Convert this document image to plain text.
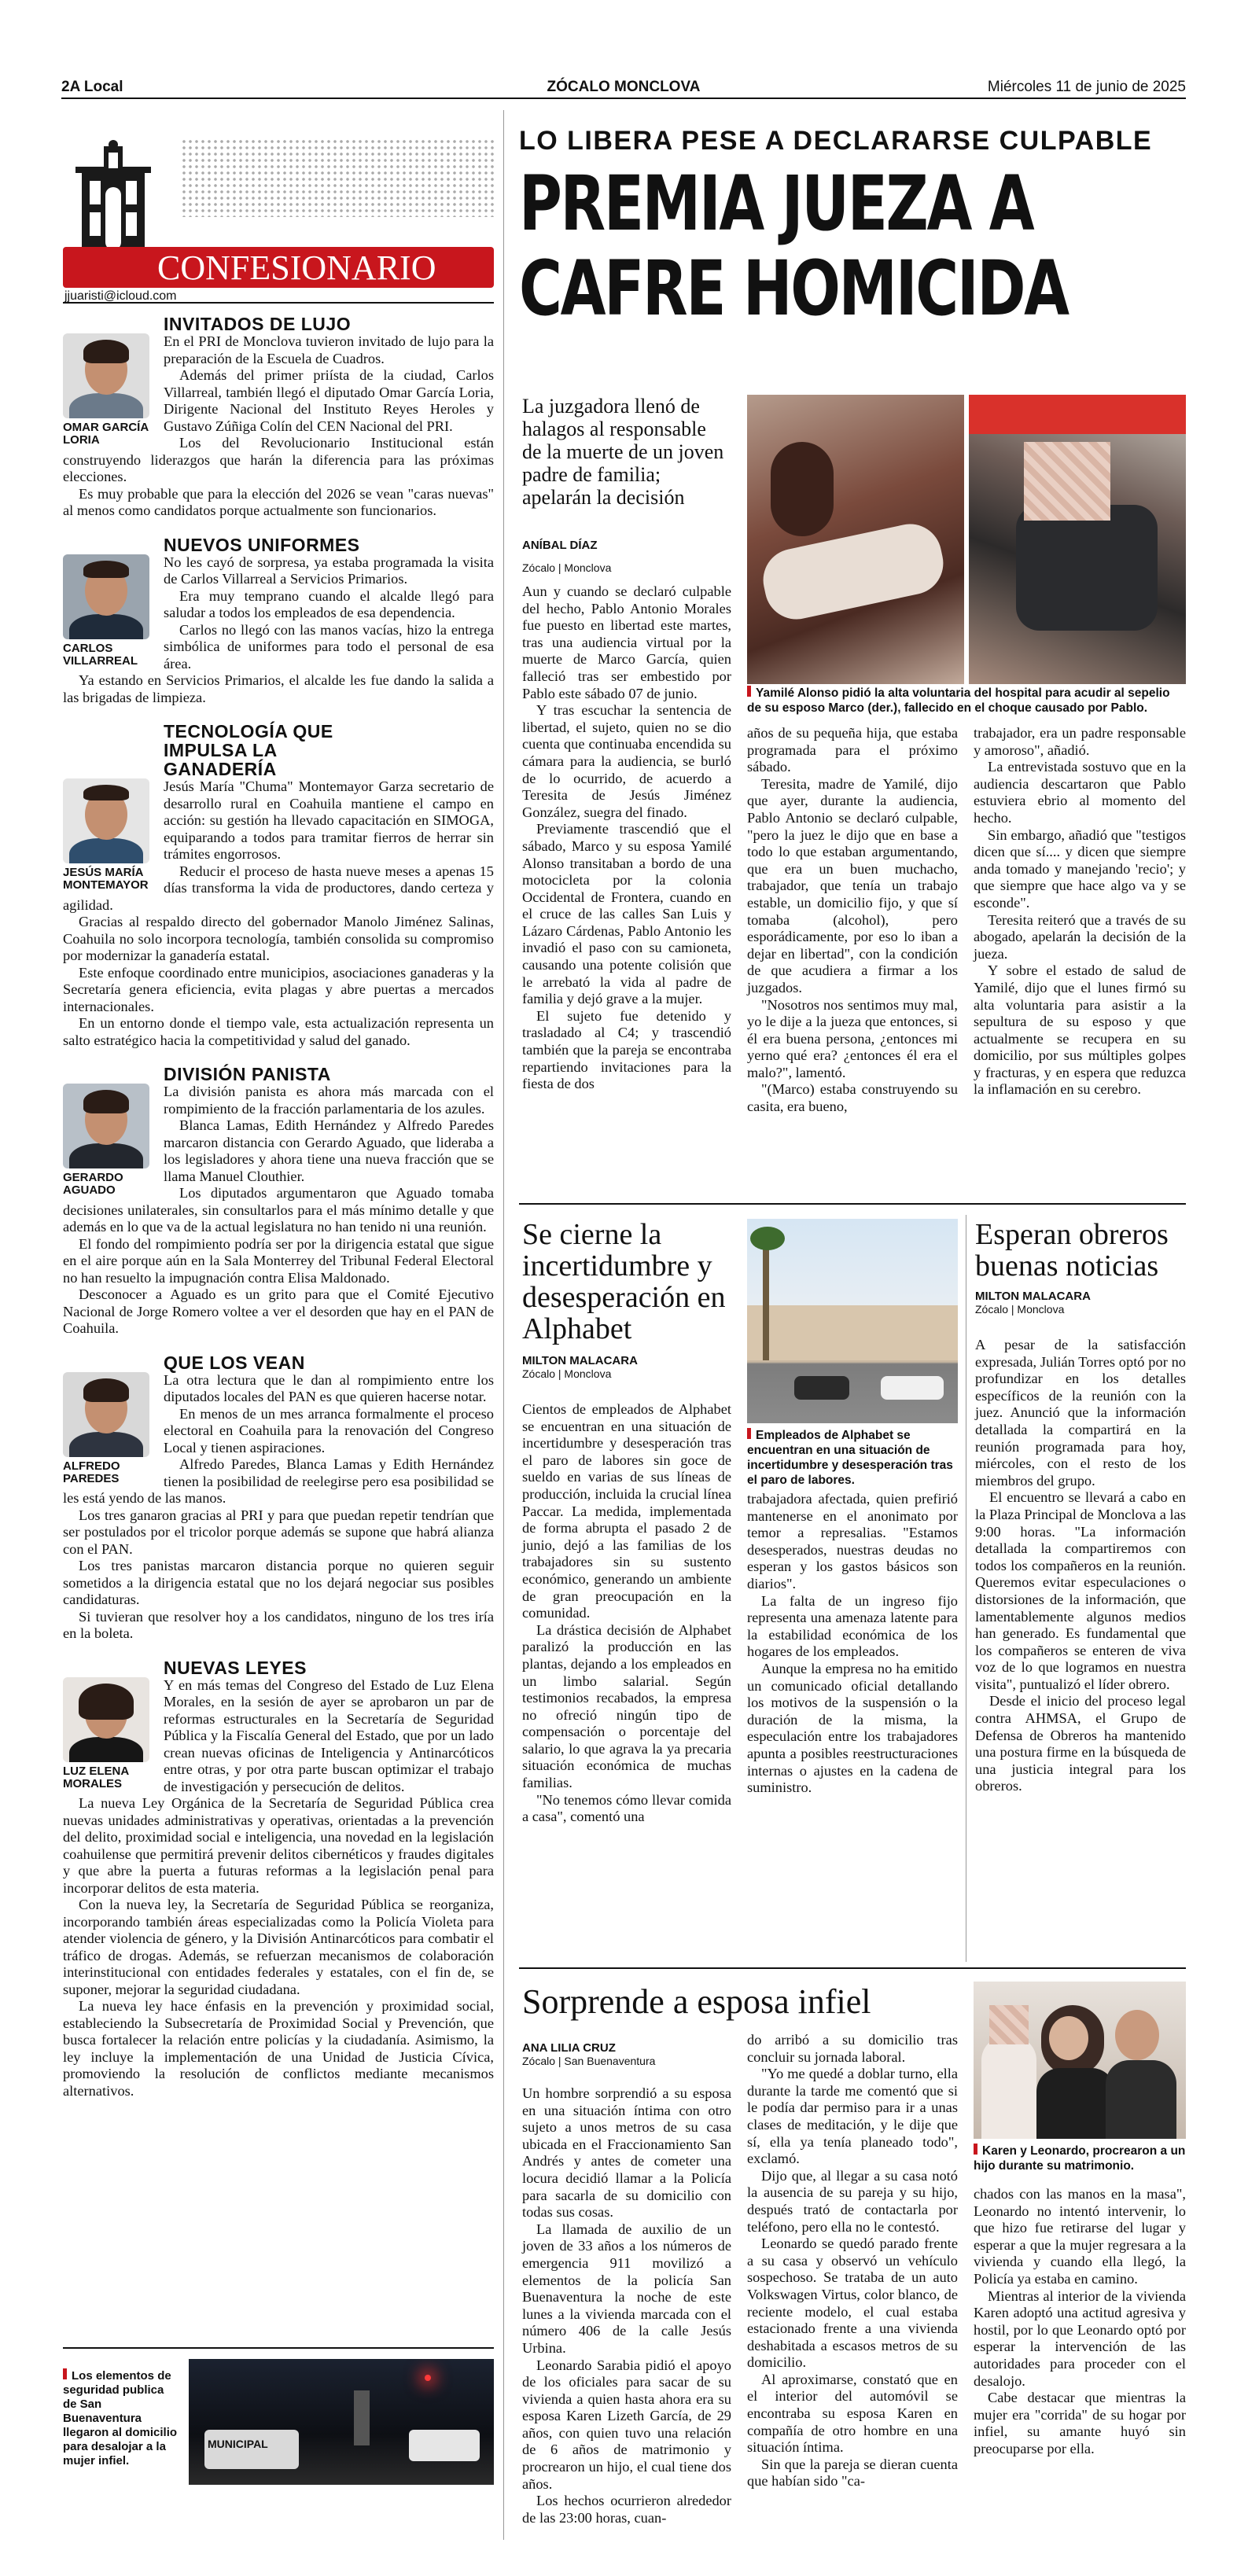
2A Local	ZÓCALO MONCLOVA	Miércoles 11 de junio de 2025
CONFESIONARIO
jjuaristi@icloud.com
INVITADOS DE LUJO
OMAR GARCÍA LORIA

En el PRI de Monclova tuvieron invitado de lujo para la preparación de la Escuela de Cuadros.

Además del primer priísta de la ciudad, Carlos Villarreal, también llegó el diputado Omar García Loria, Dirigente Nacional del Instituto Reyes Heroles y Gustavo Zúñiga Colín del CEN Nacional del PRI.

Los del Revolucionario Institucional están construyendo liderazgos que harán la diferencia para las próximas elecciones.

Es muy probable que para la elección del 2026 se vean "caras nuevas" al menos como candidatos porque actualmente son funcionarios.

NUEVOS UNIFORMES
CARLOS VILLARREAL

No les cayó de sorpresa, ya estaba programada la visita de Carlos Villarreal a Servicios Primarios.

Era muy temprano cuando el alcalde llegó para saludar a todos los empleados de esa dependencia.

Carlos no llegó con las manos vacías, hizo la entrega simbólica de uniformes para todo el personal de esa área.

Ya estando en Servicios Primarios, el alcalde les fue dando la salida a las brigadas de limpieza.

TECNOLOGÍA QUE IMPULSA LA GANADERÍA
JESÚS MARÍA MONTEMAYOR

Jesús María "Chuma" Montemayor Garza secretario de desarrollo rural en Coahuila mantiene el campo en acción: su gestión ha llevado capacitación en SIMOGA, equiparando a todos para tramitar fierros de herrar sin trámites engorrosos.

Reducir el proceso de hasta nueve meses a apenas 15 días transforma la vida de productores, dando certeza y agilidad.

Gracias al respaldo directo del gobernador Manolo Jiménez Salinas, Coahuila no solo incorpora tecnología, también consolida su compromiso por modernizar la ganadería estatal.

Este enfoque coordinado entre municipios, asociaciones ganaderas y la Secretaría genera eficiencia, evita plagas y abre puertas a mercados internacionales.

En un entorno donde el tiempo vale, esta actualización representa un salto estratégico hacia la competitividad y salud del ganado.

DIVISIÓN PANISTA
GERARDO AGUADO

La división panista es ahora más marcada con el rompimiento de la fracción parlamentaria de los azules.

Blanca Lamas, Edith Hernández y Alfredo Paredes marcaron distancia con Gerardo Aguado, que lideraba a los legisladores y ahora tiene una nueva fracción que se llama Manuel Clouthier.

Los diputados argumentaron que Aguado tomaba decisiones unilaterales, sin consultarlos para el más mínimo detalle y que además en lo que va de la actual legislatura no han tenido ni una reunión.

El fondo del rompimiento podría ser por la dirigencia estatal que sigue en el aire porque aún en la Sala Monterrey del Tribunal Federal Electoral no han resuelto la impugnación contra Elisa Maldonado.

Desconocer a Aguado es un grito para que el Comité Ejecutivo Nacional de Jorge Romero voltee a ver el desorden que hay en el PAN de Coahuila.

QUE LOS VEAN
ALFREDO PAREDES

La otra lectura que le dan al rompimiento entre los diputados locales del PAN es que quieren hacerse notar.

En menos de un mes arranca formalmente el proceso electoral en Coahuila para la renovación del Congreso Local y tienen aspiraciones.

Alfredo Paredes, Blanca Lamas y Edith Hernández tienen la posibilidad de reelegirse pero esa posibilidad se les está yendo de las manos.

Los tres ganaron gracias al PRI y para que puedan repetir tendrían que ser postulados por el tricolor porque además se supone que habrá alianza con el PAN.

Los tres panistas marcaron distancia porque no quieren seguir sometidos a la dirigencia estatal que no los dejará negociar sus posibles candidaturas.

Si tuvieran que resolver hoy a los candidatos, ninguno de los tres iría en la boleta.

NUEVAS LEYES
LUZ ELENA MORALES

Y en más temas del Congreso del Estado de Luz Elena Morales, en la sesión de ayer se aprobaron un par de reformas estructurales en la Secretaría de Seguridad Pública y la Fiscalía General del Estado, que por un lado crean nuevas oficinas de Inteligencia y Antinarcóticos entre otras, y por otra parte buscan optimizar el trabajo de investigación y persecución de delitos.

La nueva Ley Orgánica de la Secretaría de Seguridad Pública crea nuevas unidades administrativas y operativas, orientadas a la prevención del delito, proximidad social e inteligencia, una novedad en la legislación coahuilense que permitirá prevenir delitos cibernéticos y fraudes digitales y que abre la puerta a futuras reformas a la legislación penal para incorporar delitos de esta materia.

Con la nueva ley, la Secretaría de Seguridad Pública se reorganiza, incorporando también áreas especializadas como la Policía Violeta para atender violencia de género, y la División Antinarcóticos para combatir el tráfico de drogas. Además, se refuerzan mecanismos de colaboración interinstitucional con entidades federales y estatales, con el fin de, se suponer, mejorar la seguridad ciudadana.

La nueva ley hace énfasis en la prevención y proximidad social, estableciendo la Subsecretaría de Proximidad Social y Prevención, que busca fortalecer la relación entre policías y la ciudadanía. Asimismo, la ley incluye la implementación de una Unidad de Justicia Cívica, promoviendo la resolución de conflictos mediante mecanismos alternativos.

Los elementos de seguridad publica de San Buenaventura llegaron al domicilio para desalojar a la mujer infiel.
MUNICIPAL
LO LIBERA PESE A DECLARARSE CULPABLE
PREMIA JUEZA A
CAFRE HOMICIDA
La juzgadora llenó de halagos al responsable de la muerte de un joven padre de familia; apelarán la decisión
ANÍBAL DÍAZ
Zócalo | Monclova
Yamilé Alonso pidió la alta voluntaria del hospital para acudir al sepelio de su esposo Marco (der.), fallecido en el choque causado por Pablo.

Aun y cuando se declaró culpable del hecho, Pablo Antonio Morales fue puesto en libertad este martes, tras una audiencia virtual por la muerte de Marco García, quien falleció tras ser embestido por Pablo este sábado 07 de junio.

Y tras escuchar la sentencia de libertad, el sujeto, quien no se dio cuenta que continuaba encendida su cámara para la audiencia, se burló de lo ocurrido, de acuerdo a Teresita de Jesús Jiménez González, suegra del finado.

Previamente trascendió que el sábado, Marco y su esposa Yamilé Alonso transitaban a bordo de una motocicleta por la colonia Occidental de Frontera, cuando en el cruce de las calles San Luis y Lázaro Cárdenas, Pablo Antonio les invadió el paso con su camioneta, causando una potente colisión que le arrebató la vida al padre de familia y dejó grave a la mujer.

El sujeto fue detenido y trasladado al C4; y trascendió también que la pareja se encontraba repartiendo invitaciones para la fiesta de dos

años de su pequeña hija, que estaba programada para el próximo sábado.

Teresita, madre de Yamilé, dijo que ayer, durante la audiencia, Pablo Antonio se declaró culpable, "pero la juez le dijo que en base a todo lo que estaban argumentando, que era un buen muchacho, trabajador, que tenía un trabajo estable, un domicilio fijo, y que sí tomaba (alcohol), pero esporádicamente, por eso lo iban a dejar en libertad", con la condición de que acudiera a firmar a los juzgados.

"Nosotros nos sentimos muy mal, yo le dije a la jueza que entonces, si él era buena persona, ¿entonces mi yerno qué era? ¿entonces él era el malo?", lamentó.

"(Marco) estaba construyendo su casita, era bueno,

trabajador, era un padre responsable y amoroso", añadió.

La entrevistada sostuvo que en la audiencia descartaron que Pablo estuviera ebrio al momento del hecho.

Sin embargo, añadió que "testigos dicen que sí.... y dicen que siempre anda tomado y manejando 'recio'; y que siempre que hace algo va y se esconde".

Teresita reiteró que a través de su abogado, apelarán la decisión de la jueza.

Y sobre el estado de salud de Yamilé, dijo que el lunes firmó su alta voluntaria para asistir a la sepultura de su esposo y que actualmente se recupera en su domicilio, por sus múltiples golpes y fracturas, y en espera que reduzca la inflamación en su cerebro.

Se cierne la incertidumbre y desesperación en Alphabet
MILTON MALACARA
Zócalo | Monclova

Cientos de empleados de Alphabet se encuentran en una situación de incertidumbre y desesperación tras el paro de labores sin goce de sueldo en varias de sus líneas de producción, incluida la crucial línea Paccar. La medida, implementada de forma abrupta el pasado 2 de junio, dejó a las familias de los trabajadores sin su sustento económico, generando un ambiente de gran preocupación en la comunidad.

La drástica decisión de Alphabet paralizó la producción en las plantas, dejando a los empleados en un limbo salarial. Según testimonios recabados, la empresa no ofreció ningún tipo de compensación o porcentaje del salario, lo que agrava la ya precaria situación económica de muchas familias.

"No tenemos cómo llevar comida a casa", comentó una

Empleados de Alphabet se encuentran en una situación de incertidumbre y desesperación tras el paro de labores.

trabajadora afectada, quien prefirió mantenerse en el anonimato por temor a represalias. "Estamos desesperados, nuestras deudas no esperan y los gastos básicos son diarios".

La falta de un ingreso fijo representa una amenaza latente para la estabilidad económica de los hogares de los empleados.

Aunque la empresa no ha emitido un comunicado oficial detallando los motivos de la suspensión o la duración de la misma, la especulación entre los trabajadores apunta a posibles reestructuraciones internas o ajustes en la cadena de suministro.

Esperan obreros buenas noticias
MILTON MALACARA
Zócalo | Monclova

A pesar de la satisfacción expresada, Julián Torres optó por no profundizar en los detalles específicos de la reunión con la juez. Anunció que la información detallada la compartirá en la reunión programada para hoy, miércoles, con el resto de los miembros del grupo.

El encuentro se llevará a cabo en la Plaza Principal de Monclova a las 9:00 horas. "La información detallada la compartiremos con todos los compañeros en la reunión. Queremos evitar especulaciones o distorsiones de la información, que lamentablemente algunos medios han generado. Es fundamental que los compañeros se enteren de viva voz de lo que logramos en nuestra visita", puntualizó el líder obrero.

Desde el inicio del proceso legal contra AHMSA, el Grupo de Defensa de Obreros ha mantenido una postura firme en la búsqueda de una justicia integral para los obreros.

Sorprende a esposa infiel
ANA LILIA CRUZ
Zócalo | San Buenaventura

Un hombre sorprendió a su esposa en una situación íntima con otro sujeto a unos metros de su casa ubicada en el Fraccionamiento San Andrés y antes de cometer una locura decidió llamar a la Policía para sacarla de su domicilio con todas sus cosas.

La llamada de auxilio de un joven de 33 años a los números de emergencia 911 movilizó a elementos de la policía San Buenaventura la noche de este lunes a la vivienda marcada con el número 406 de la calle Jesús Urbina.

Leonardo Sarabia pidió el apoyo de los oficiales para sacar de su vivienda a quien hasta ahora era su esposa Karen Lizeth García, de 29 años, con quien tuvo una relación de 6 años de matrimonio y procrearon un hijo, el cual tiene dos años.

Los hechos ocurrieron alrededor de las 23:00 horas, cuan-

do arribó a su domicilio tras concluir su jornada laboral.

"Yo me quedé a doblar turno, ella durante la tarde me comentó que si le podía dar permiso para ir a unas clases de meditación, y le dije que sí, ella ya tenía planeado todo", exclamó.

Dijo que, al llegar a su casa notó la ausencia de su pareja y su hijo, después trató de contactarla por teléfono, pero ella no le contestó.

Leonardo se quedó parado frente a su casa y observó un vehículo sospechoso. Se trataba de un auto Volkswagen Virtus, color blanco, de reciente modelo, el cual estaba estacionado frente a una vivienda deshabitada a escasos metros de su domicilio.

Al aproximarse, constató que en el interior del automóvil se encontraba su esposa Karen en compañía de otro hombre en una situación íntima.

Sin que la pareja se dieran cuenta que habían sido "ca-

Karen y Leonardo, procrearon a un hijo durante su matrimonio.

chados con las manos en la masa", Leonardo no intentó intervenir, lo que hizo fue retirarse del lugar y esperar a que la mujer regresara a la vivienda y cuando ella llegó, la Policía ya estaba en camino.

Mientras al interior de la vivienda Karen adoptó una actitud agresiva y hostil, por lo que Leonardo optó por esperar la intervención de las autoridades para proceder con el desalojo.

Cabe destacar que mientras la mujer era "corrida" de su hogar por infiel, su amante huyó sin preocuparse por ella.
